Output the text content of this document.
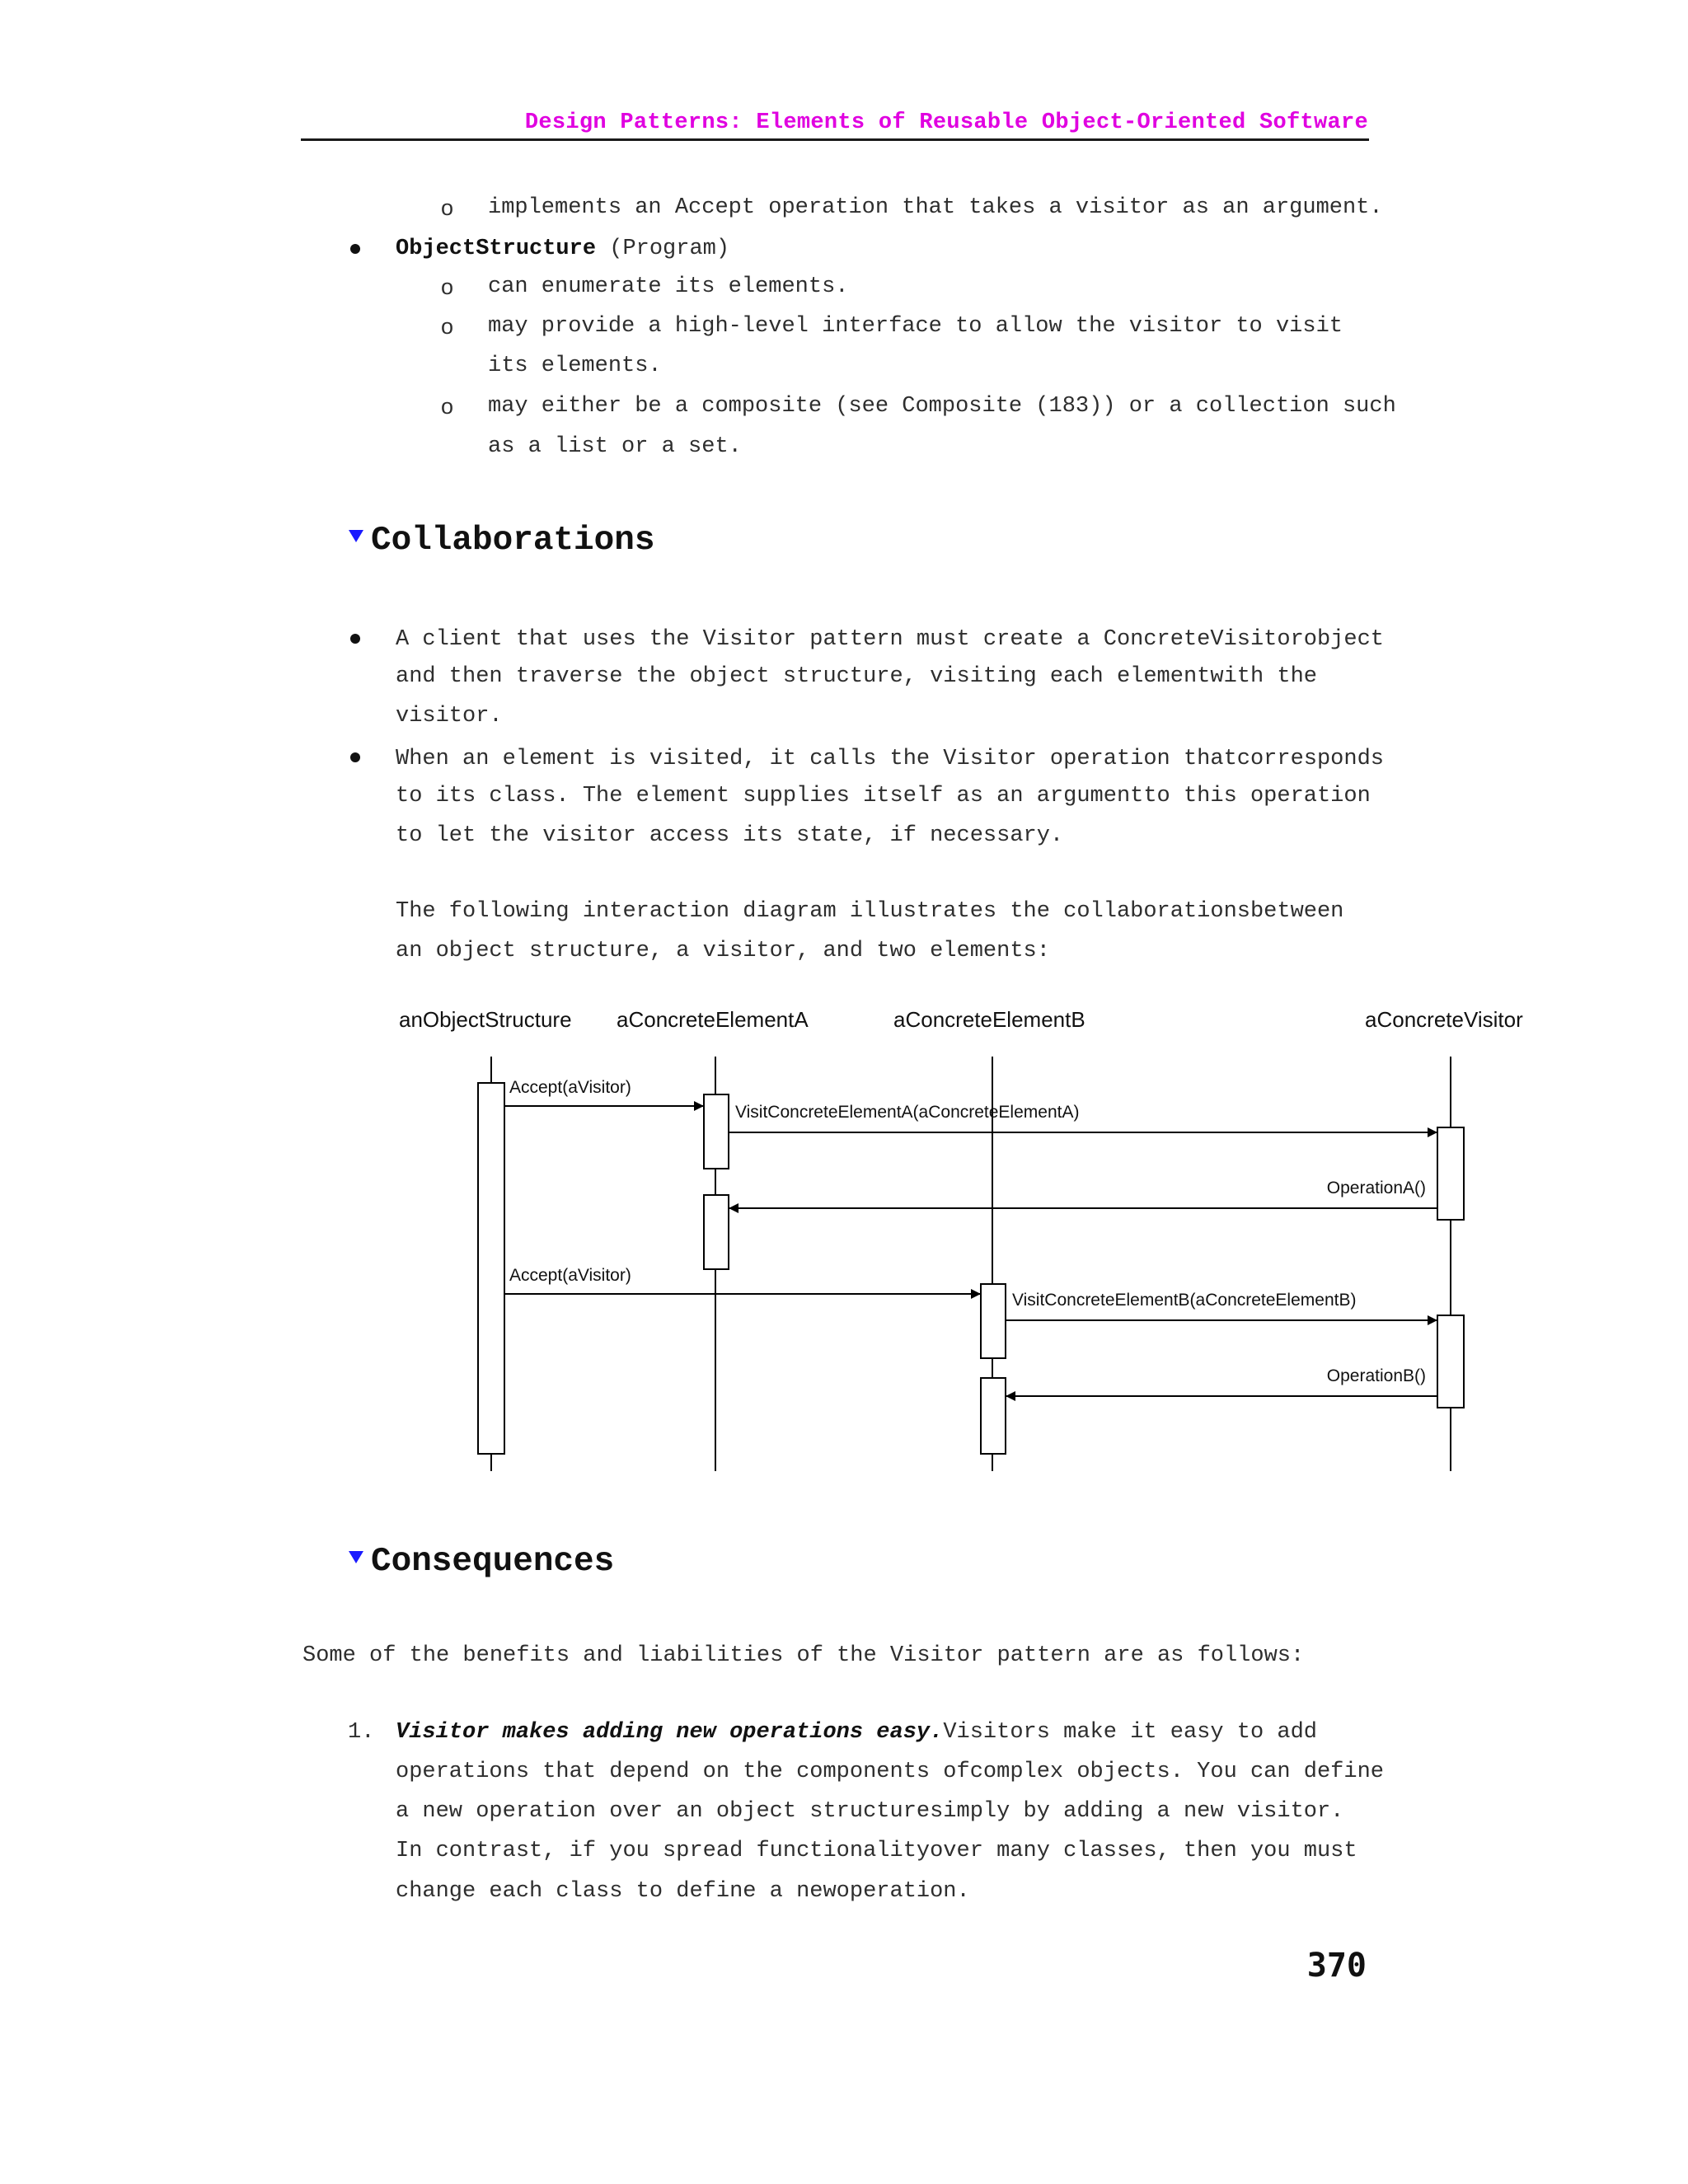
Design Patterns: Elements of Reusable Object-Oriented Software
o implements an Accept operation that takes a visitor as an argument.
ObjectStructure (Program)
o can enumerate its elements.
o may provide a high-level interface to allow the visitor to visit
its elements.
o may either be a composite (see Composite (183)) or a collection such
as a list or a set.
Collaborations
A client that uses the Visitor pattern must create a ConcreteVisitorobject
and then traverse the object structure, visiting each elementwith the
visitor.
When an element is visited, it calls the Visitor operation thatcorresponds
to its class. The element supplies itself as an argumentto this operation
to let the visitor access its state, if necessary.
The following interaction diagram illustrates the collaborationsbetween
an object structure, a visitor, and two elements:
anObjectStructure aConcreteElementA	aConcreteElementB	aConcreteVisitor
Accept(aVisitor)
VisitConcreteElementA(aConcreteElementA)
OperationA()
Accept(aVisitor)
VisitConcreteElementB(aConcreteElementB)
OperationB()
Consequences
Some of the benefits and liabilities of the Visitor pattern are as follows:
1. Visitor makes adding new operations easy.Visitors make it easy to add
operations that depend on the components ofcomplex objects. You can define
a new operation over an object structuresimply by adding a new visitor.
In contrast, if you spread functionalityover many classes, then you must
change each class to define a newoperation.
370
